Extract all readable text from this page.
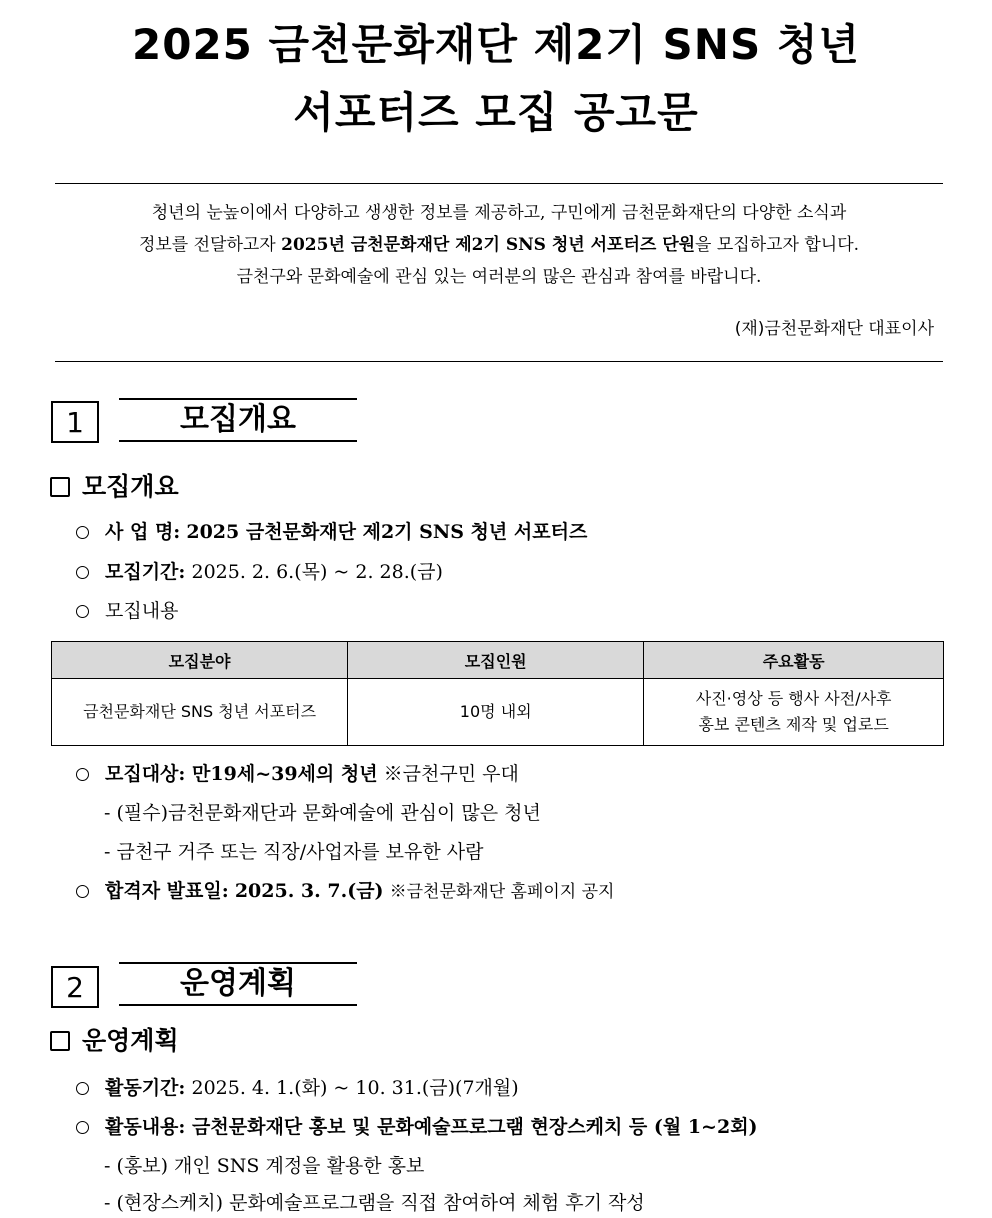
2025 금천문화재단 제2기 SNS 청년
서포터즈 모집 공고문
청년의 눈높이에서 다양하고 생생한 정보를 제공하고, 구민에게 금천문화재단의 다양한 소식과
정보를 전달하고자 2025년 금천문화재단 제2기 SNS 청년 서포터즈 단원을 모집하고자 합니다.
금천구와 문화예술에 관심 있는 여러분의 많은 관심과 참여를 바랍니다.
(재)금천문화재단 대표이사
1	모집개요
모집개요
사 업 명: 2025 금천문화재단 제2기 SNS 청년 서포터즈
모집기간: 2025. 2. 6.(목) ~ 2. 28.(금)
모집내용
모집분야	모집인원	주요활동
금천문화재단 SNS 청년 서포터즈	10명 내외	사진·영상 등 행사 사전/사후
홍보 콘텐츠 제작 및 업로드
모집대상: 만19세~39세의 청년 ※금천구민 우대
- (필수)금천문화재단과 문화예술에 관심이 많은 청년
- 금천구 거주 또는 직장/사업자를 보유한 사람
합격자 발표일: 2025. 3. 7.(금) ※금천문화재단 홈페이지 공지
2	운영계획
운영계획
활동기간: 2025. 4. 1.(화) ~ 10. 31.(금)(7개월)
활동내용: 금천문화재단 홍보 및 문화예술프로그램 현장스케치 등 (월 1~2회)
- (홍보) 개인 SNS 계정을 활용한 홍보
- (현장스케치) 문화예술프로그램을 직접 참여하여 체험 후기 작성
